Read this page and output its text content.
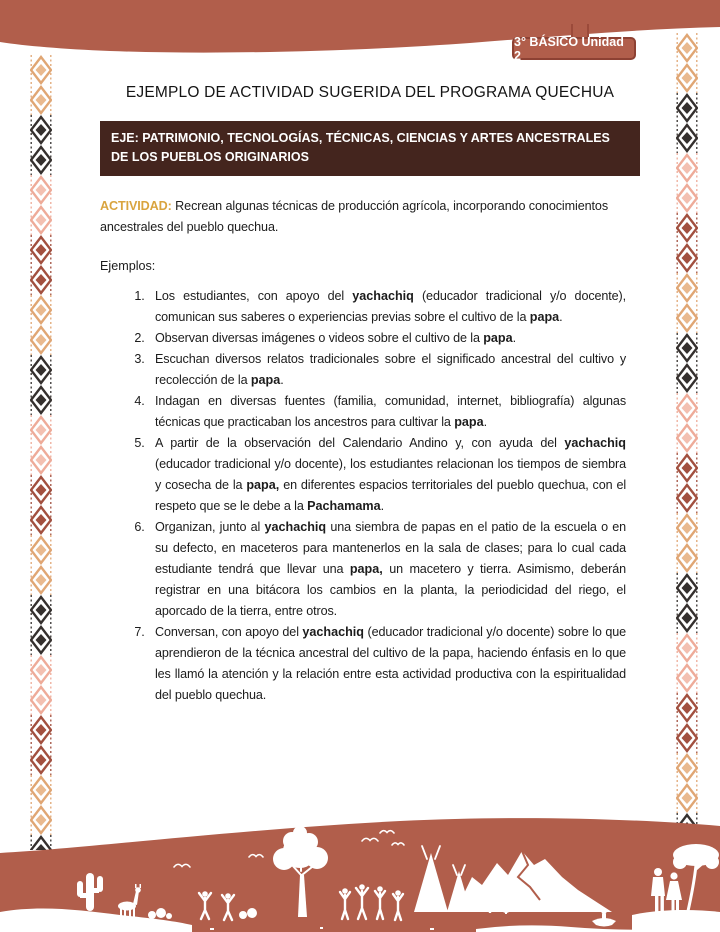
3° BÁSICO Unidad 2
EJEMPLO DE ACTIVIDAD SUGERIDA DEL PROGRAMA QUECHUA
EJE: PATRIMONIO, TECNOLOGÍAS, TÉCNICAS, CIENCIAS Y ARTES ANCESTRALES DE LOS PUEBLOS ORIGINARIOS

ACTIVIDAD: Recrean algunas técnicas de producción agrícola, incorporando conocimientos ancestrales del pueblo quechua.

Ejemplos:

1. Los estudiantes, con apoyo del yachachiq (educador tradicional y/o docente), comunican sus saberes o experiencias previas sobre el cultivo de la papa.
2. Observan diversas imágenes o videos sobre el cultivo de la papa.
3. Escuchan diversos relatos tradicionales sobre el significado ancestral del cultivo y recolección de la papa.
4. Indagan en diversas fuentes (familia, comunidad, internet, bibliografía) algunas técnicas que practicaban los ancestros para cultivar la papa.
5. A partir de la observación del Calendario Andino y, con ayuda del yachachiq (educador tradicional y/o docente), los estudiantes relacionan los tiempos de siembra y cosecha de la papa, en diferentes espacios territoriales del pueblo quechua, con el respeto que se le debe a la Pachamama.
6. Organizan, junto al yachachiq una siembra de papas en el patio de la escuela o en su defecto, en maceteros para mantenerlos en la sala de clases; para lo cual cada estudiante tendrá que llevar una papa, un macetero y tierra. Asimismo, deberán registrar en una bitácora los cambios en la planta, la periodicidad del riego, el aporcado de la tierra, entre otros.
7. Conversan, con apoyo del yachachiq (educador tradicional y/o docente) sobre lo que aprendieron de la técnica ancestral del cultivo de la papa, haciendo énfasis en lo que les llamó la atención y la relación entre esta actividad productiva con la espiritualidad del pueblo quechua.
